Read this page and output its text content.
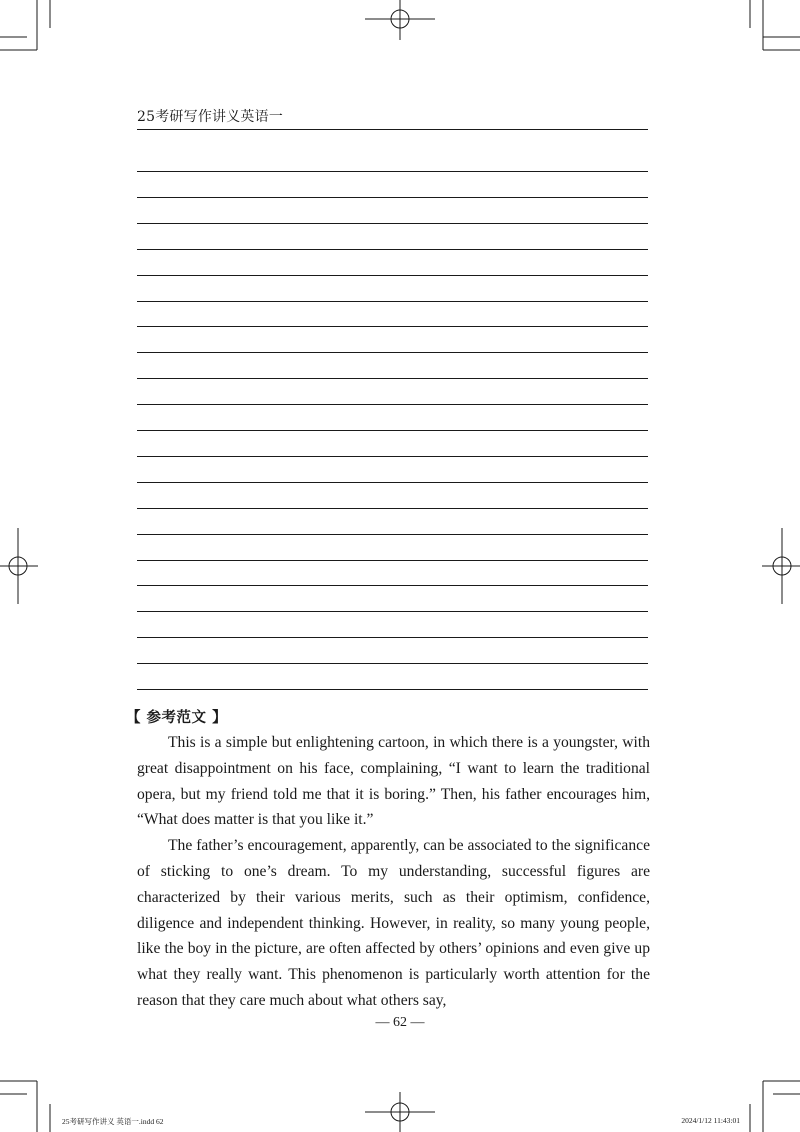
25考研写作讲义英语一
【 参考范文 】

This is a simple but enlightening cartoon, in which there is a youngster, with great disappointment on his face, complaining, “I want to learn the traditional opera, but my friend told me that it is boring.” Then, his father encourages him, “What does matter is that you like it.”

The father’s encouragement, apparently, can be associated to the significance of sticking to one’s dream. To my understanding, successful figures are characterized by their various merits, such as their optimism, confidence, diligence and independent thinking. However, in reality, so many young people, like the boy in the picture, are often affected by others’ opinions and even give up what they really want. This phenomenon is particularly worth attention for the reason that they care much about what others say,

— 62 —
25考研写作讲义 英语一.indd 62	2024/1/12 11:43:01
